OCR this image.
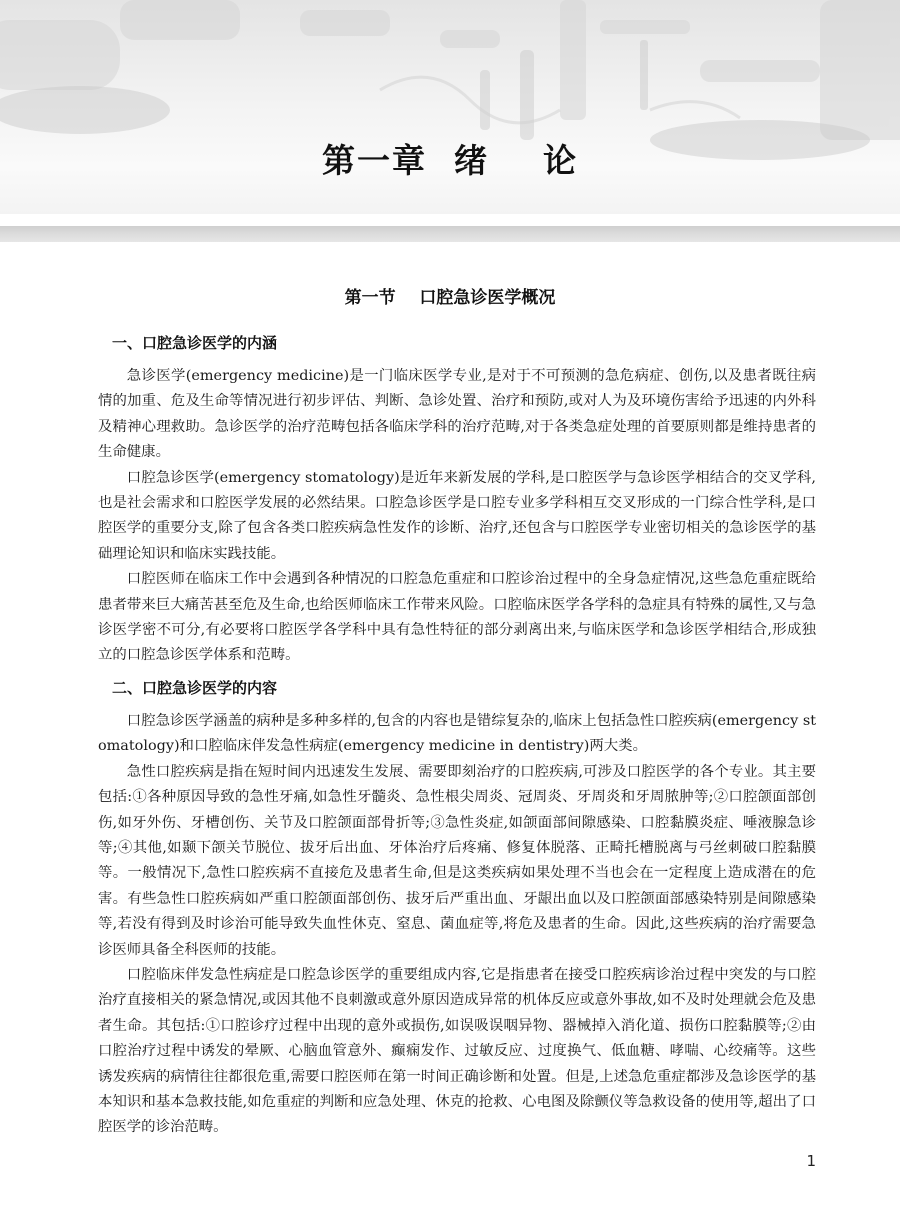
第一章  绪    论
第一节    口腔急诊医学概况
一、口腔急诊医学的内涵

急诊医学(emergency medicine)是一门临床医学专业,是对于不可预测的急危病症、创伤,以及患者既往病情的加重、危及生命等情况进行初步评估、判断、急诊处置、治疗和预防,或对人为及环境伤害给予迅速的内外科及精神心理救助。急诊医学的治疗范畴包括各临床学科的治疗范畴,对于各类急症处理的首要原则都是维持患者的生命健康。

口腔急诊医学(emergency stomatology)是近年来新发展的学科,是口腔医学与急诊医学相结合的交叉学科,也是社会需求和口腔医学发展的必然结果。口腔急诊医学是口腔专业多学科相互交叉形成的一门综合性学科,是口腔医学的重要分支,除了包含各类口腔疾病急性发作的诊断、治疗,还包含与口腔医学专业密切相关的急诊医学的基础理论知识和临床实践技能。

口腔医师在临床工作中会遇到各种情况的口腔急危重症和口腔诊治过程中的全身急症情况,这些急危重症既给患者带来巨大痛苦甚至危及生命,也给医师临床工作带来风险。口腔临床医学各学科的急症具有特殊的属性,又与急诊医学密不可分,有必要将口腔医学各学科中具有急性特征的部分剥离出来,与临床医学和急诊医学相结合,形成独立的口腔急诊医学体系和范畴。

二、口腔急诊医学的内容

口腔急诊医学涵盖的病种是多种多样的,包含的内容也是错综复杂的,临床上包括急性口腔疾病(emergency stomatology)和口腔临床伴发急性病症(emergency medicine in dentistry)两大类。

急性口腔疾病是指在短时间内迅速发生发展、需要即刻治疗的口腔疾病,可涉及口腔医学的各个专业。其主要包括:①各种原因导致的急性牙痛,如急性牙髓炎、急性根尖周炎、冠周炎、牙周炎和牙周脓肿等;②口腔颌面部创伤,如牙外伤、牙槽创伤、关节及口腔颌面部骨折等;③急性炎症,如颌面部间隙感染、口腔黏膜炎症、唾液腺急诊等;④其他,如颞下颌关节脱位、拔牙后出血、牙体治疗后疼痛、修复体脱落、正畸托槽脱离与弓丝刺破口腔黏膜等。一般情况下,急性口腔疾病不直接危及患者生命,但是这类疾病如果处理不当也会在一定程度上造成潜在的危害。有些急性口腔疾病如严重口腔颌面部创伤、拔牙后严重出血、牙龈出血以及口腔颌面部感染特别是间隙感染等,若没有得到及时诊治可能导致失血性休克、窒息、菌血症等,将危及患者的生命。因此,这些疾病的治疗需要急诊医师具备全科医师的技能。

口腔临床伴发急性病症是口腔急诊医学的重要组成内容,它是指患者在接受口腔疾病诊治过程中突发的与口腔治疗直接相关的紧急情况,或因其他不良刺激或意外原因造成异常的机体反应或意外事故,如不及时处理就会危及患者生命。其包括:①口腔诊疗过程中出现的意外或损伤,如误吸误咽异物、器械掉入消化道、损伤口腔黏膜等;②由口腔治疗过程中诱发的晕厥、心脑血管意外、癫痫发作、过敏反应、过度换气、低血糖、哮喘、心绞痛等。这些诱发疾病的病情往往都很危重,需要口腔医师在第一时间正确诊断和处置。但是,上述急危重症都涉及急诊医学的基本知识和基本急救技能,如危重症的判断和应急处理、休克的抢救、心电图及除颤仪等急救设备的使用等,超出了口腔医学的诊治范畴。

1
